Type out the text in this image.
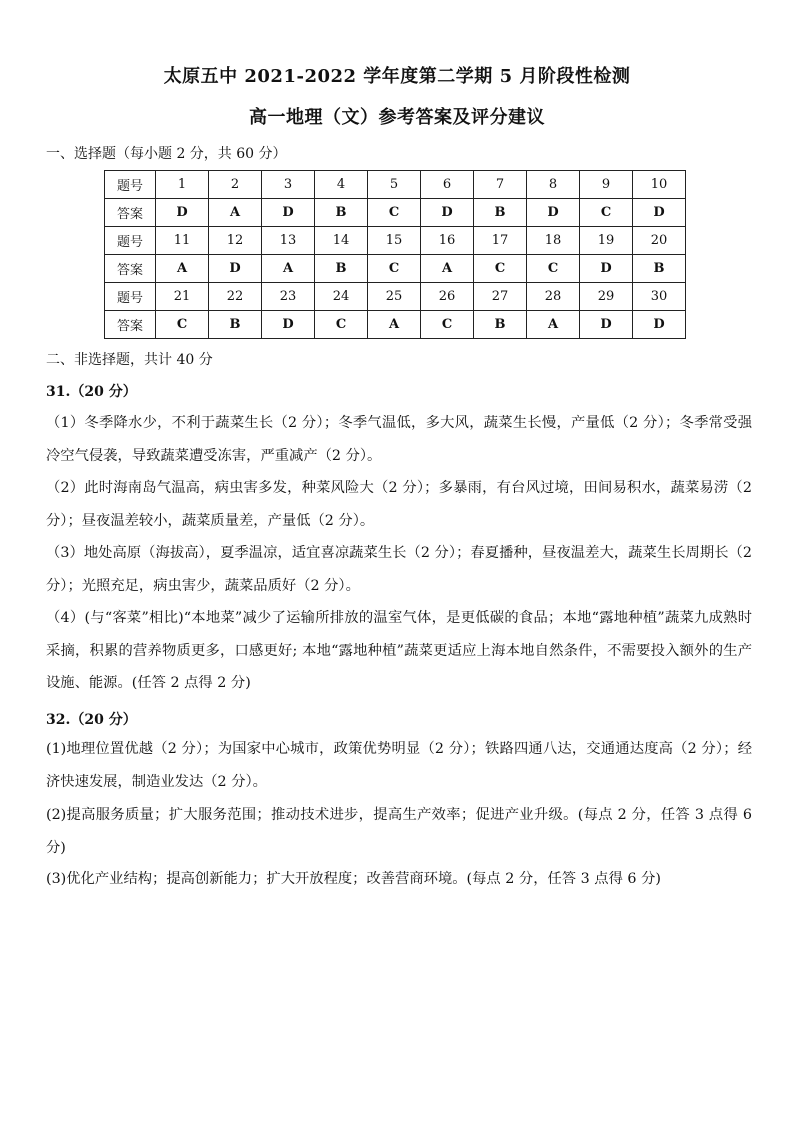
太原五中 2021-2022 学年度第二学期 5 月阶段性检测
高一地理（文）参考答案及评分建议
一、选择题（每小题 2 分，共 60 分）
题号	1	2	3	4	5	6	7	8	9	10
答案	D	A	D	B	C	D	B	D	C	D
题号	11	12	13	14	15	16	17	18	19	20
答案	A	D	A	B	C	A	C	C	D	B
题号	21	22	23	24	25	26	27	28	29	30
答案	C	B	D	C	A	C	B	A	D	D
二、非选择题，共计 40 分
31.（20 分）
（1）冬季降水少，不利于蔬菜生长（2 分）；冬季气温低，多大风，蔬菜生长慢，产量低（2 分）；冬季常受强冷空气侵袭，导致蔬菜遭受冻害，严重减产（2 分）。
（2）此时海南岛气温高，病虫害多发，种菜风险大（2 分）；多暴雨，有台风过境，田间易积水，蔬菜易涝（2 分）；昼夜温差较小，蔬菜质量差，产量低（2 分）。
（3）地处高原（海拔高），夏季温凉，适宜喜凉蔬菜生长（2 分）；春夏播种，昼夜温差大，蔬菜生长周期长（2 分）；光照充足，病虫害少，蔬菜品质好（2 分）。
（4）(与“客菜”相比)“本地菜”减少了运输所排放的温室气体，是更低碳的食品；本地“露地种植”蔬菜九成熟时采摘，积累的营养物质更多，口感更好; 本地“露地种植”蔬菜更适应上海本地自然条件，不需要投入额外的生产设施、能源。(任答 2 点得 2 分)
32.（20 分）
(1)地理位置优越（2 分）；为国家中心城市，政策优势明显（2 分）；铁路四通八达，交通通达度高（2 分）；经济快速发展，制造业发达（2 分）。
(2)提高服务质量；扩大服务范围；推动技术进步，提高生产效率；促进产业升级。(每点 2 分，任答 3 点得 6 分)
(3)优化产业结构；提高创新能力；扩大开放程度；改善营商环境。(每点 2 分，任答 3 点得 6 分)
